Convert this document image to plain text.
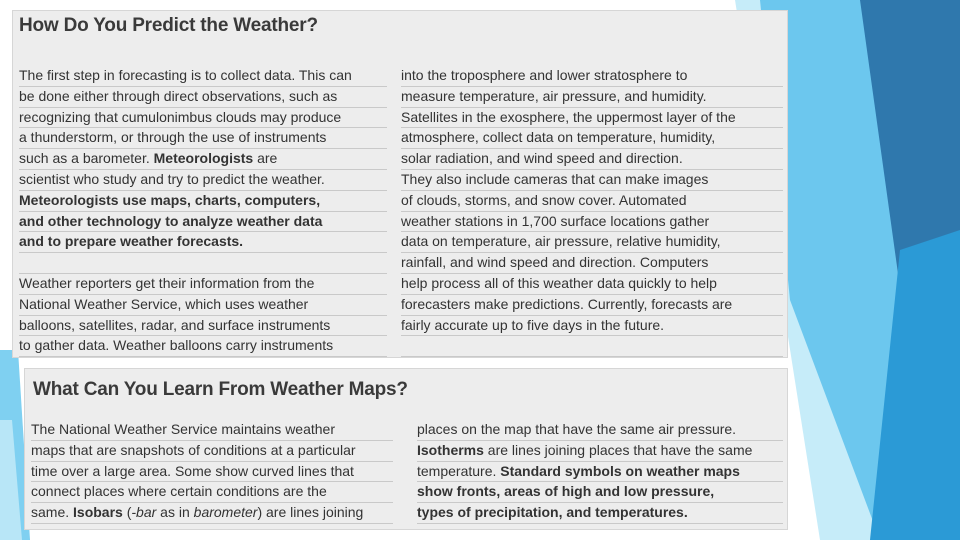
How Do You Predict the Weather?
The first step in forecasting is to collect data. This can
be done either through direct observations, such as
recognizing that cumulonimbus clouds may produce
a thunderstorm, or through the use of instruments
such as a barometer. Meteorologists are
scientist who study and try to predict the weather.
Meteorologists use maps, charts, computers,
and other technology to analyze weather data
and to prepare weather forecasts.

Weather reporters get their information from the
National Weather Service, which uses weather
balloons, satellites, radar, and surface instruments
to gather data. Weather balloons carry instruments
into the troposphere and lower stratosphere to
measure temperature, air pressure, and humidity.
Satellites in the exosphere, the uppermost layer of the
atmosphere, collect data on temperature, humidity,
solar radiation, and wind speed and direction.
They also include cameras that can make images
of clouds, storms, and snow cover. Automated
weather stations in 1,700 surface locations gather
data on temperature, air pressure, relative humidity,
rainfall, and wind speed and direction. Computers
help process all of this weather data quickly to help
forecasters make predictions. Currently, forecasts are
fairly accurate up to five days in the future.

What Can You Learn From Weather Maps?
The National Weather Service maintains weather
maps that are snapshots of conditions at a particular
time over a large area. Some show curved lines that
connect places where certain conditions are the
same. Isobars (-bar as in barometer) are lines joining
places on the map that have the same air pressure.
Isotherms are lines joining places that have the same
temperature. Standard symbols on weather maps
show fronts, areas of high and low pressure,
types of precipitation, and temperatures.
